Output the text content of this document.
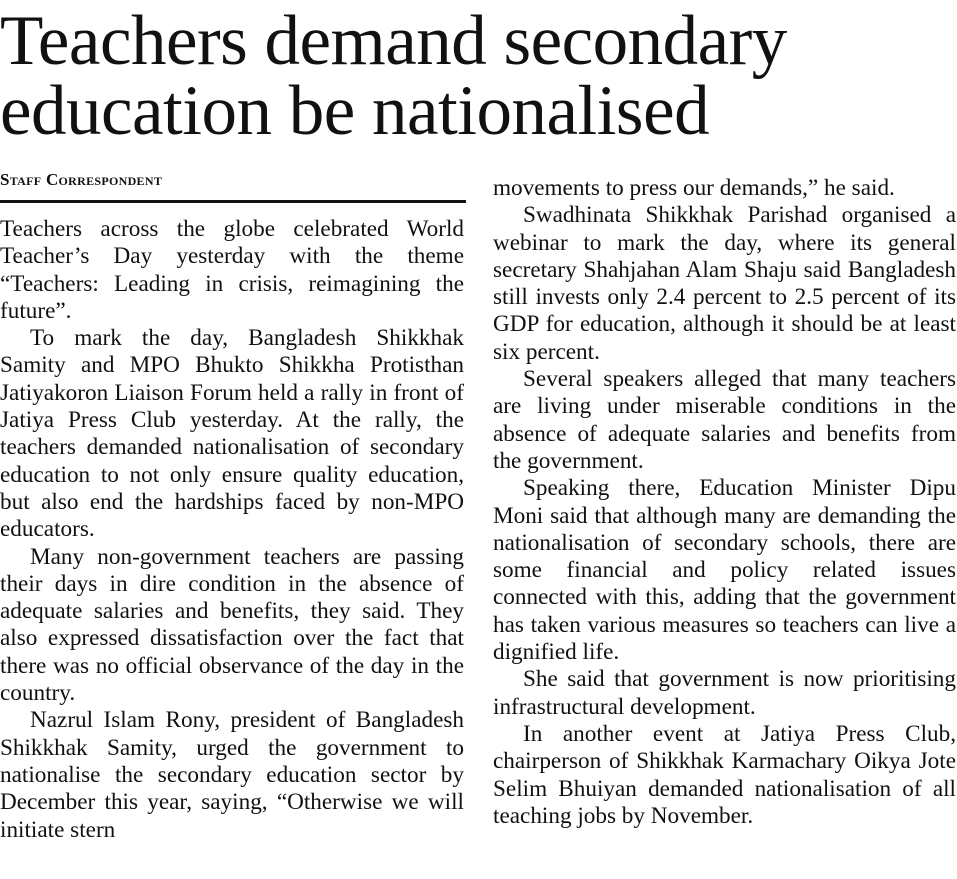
Teachers demand secondary
education be nationalised
Staff Correspondent

Teachers across the globe celebrated World Teacher’s Day yesterday with the theme “Teachers: Leading in crisis, reimagining the future”.

To mark the day, Bangladesh Shikkhak Samity and MPO Bhukto Shikkha Protisthan Jatiyakoron Liaison Forum held a rally in front of Jatiya Press Club yesterday. At the rally, the teachers demanded nationalisation of secondary education to not only ensure quality education, but also end the hardships faced by non-MPO educators.

Many non-government teachers are passing their days in dire condition in the absence of adequate salaries and benefits, they said. They also expressed dissatisfaction over the fact that there was no official observance of the day in the country.

Nazrul Islam Rony, president of Bangladesh Shikkhak Samity, urged the government to nationalise the secondary education sector by December this year, saying, “Otherwise we will initiate stern

movements to press our demands,” he said.

Swadhinata Shikkhak Parishad organised a webinar to mark the day, where its general secretary Shahjahan Alam Shaju said Bangladesh still invests only 2.4 percent to 2.5 percent of its GDP for education, although it should be at least six percent.

Several speakers alleged that many teachers are living under miserable conditions in the absence of adequate salaries and benefits from the government.

Speaking there, Education Minister Dipu Moni said that although many are demanding the nationalisation of secondary schools, there are some financial and policy related issues connected with this, adding that the government has taken various measures so teachers can live a dignified life.

She said that government is now prioritising infrastructural development.

In another event at Jatiya Press Club, chairperson of Shikkhak Karmachary Oikya Jote Selim Bhuiyan demanded nationalisation of all teaching jobs by November.
